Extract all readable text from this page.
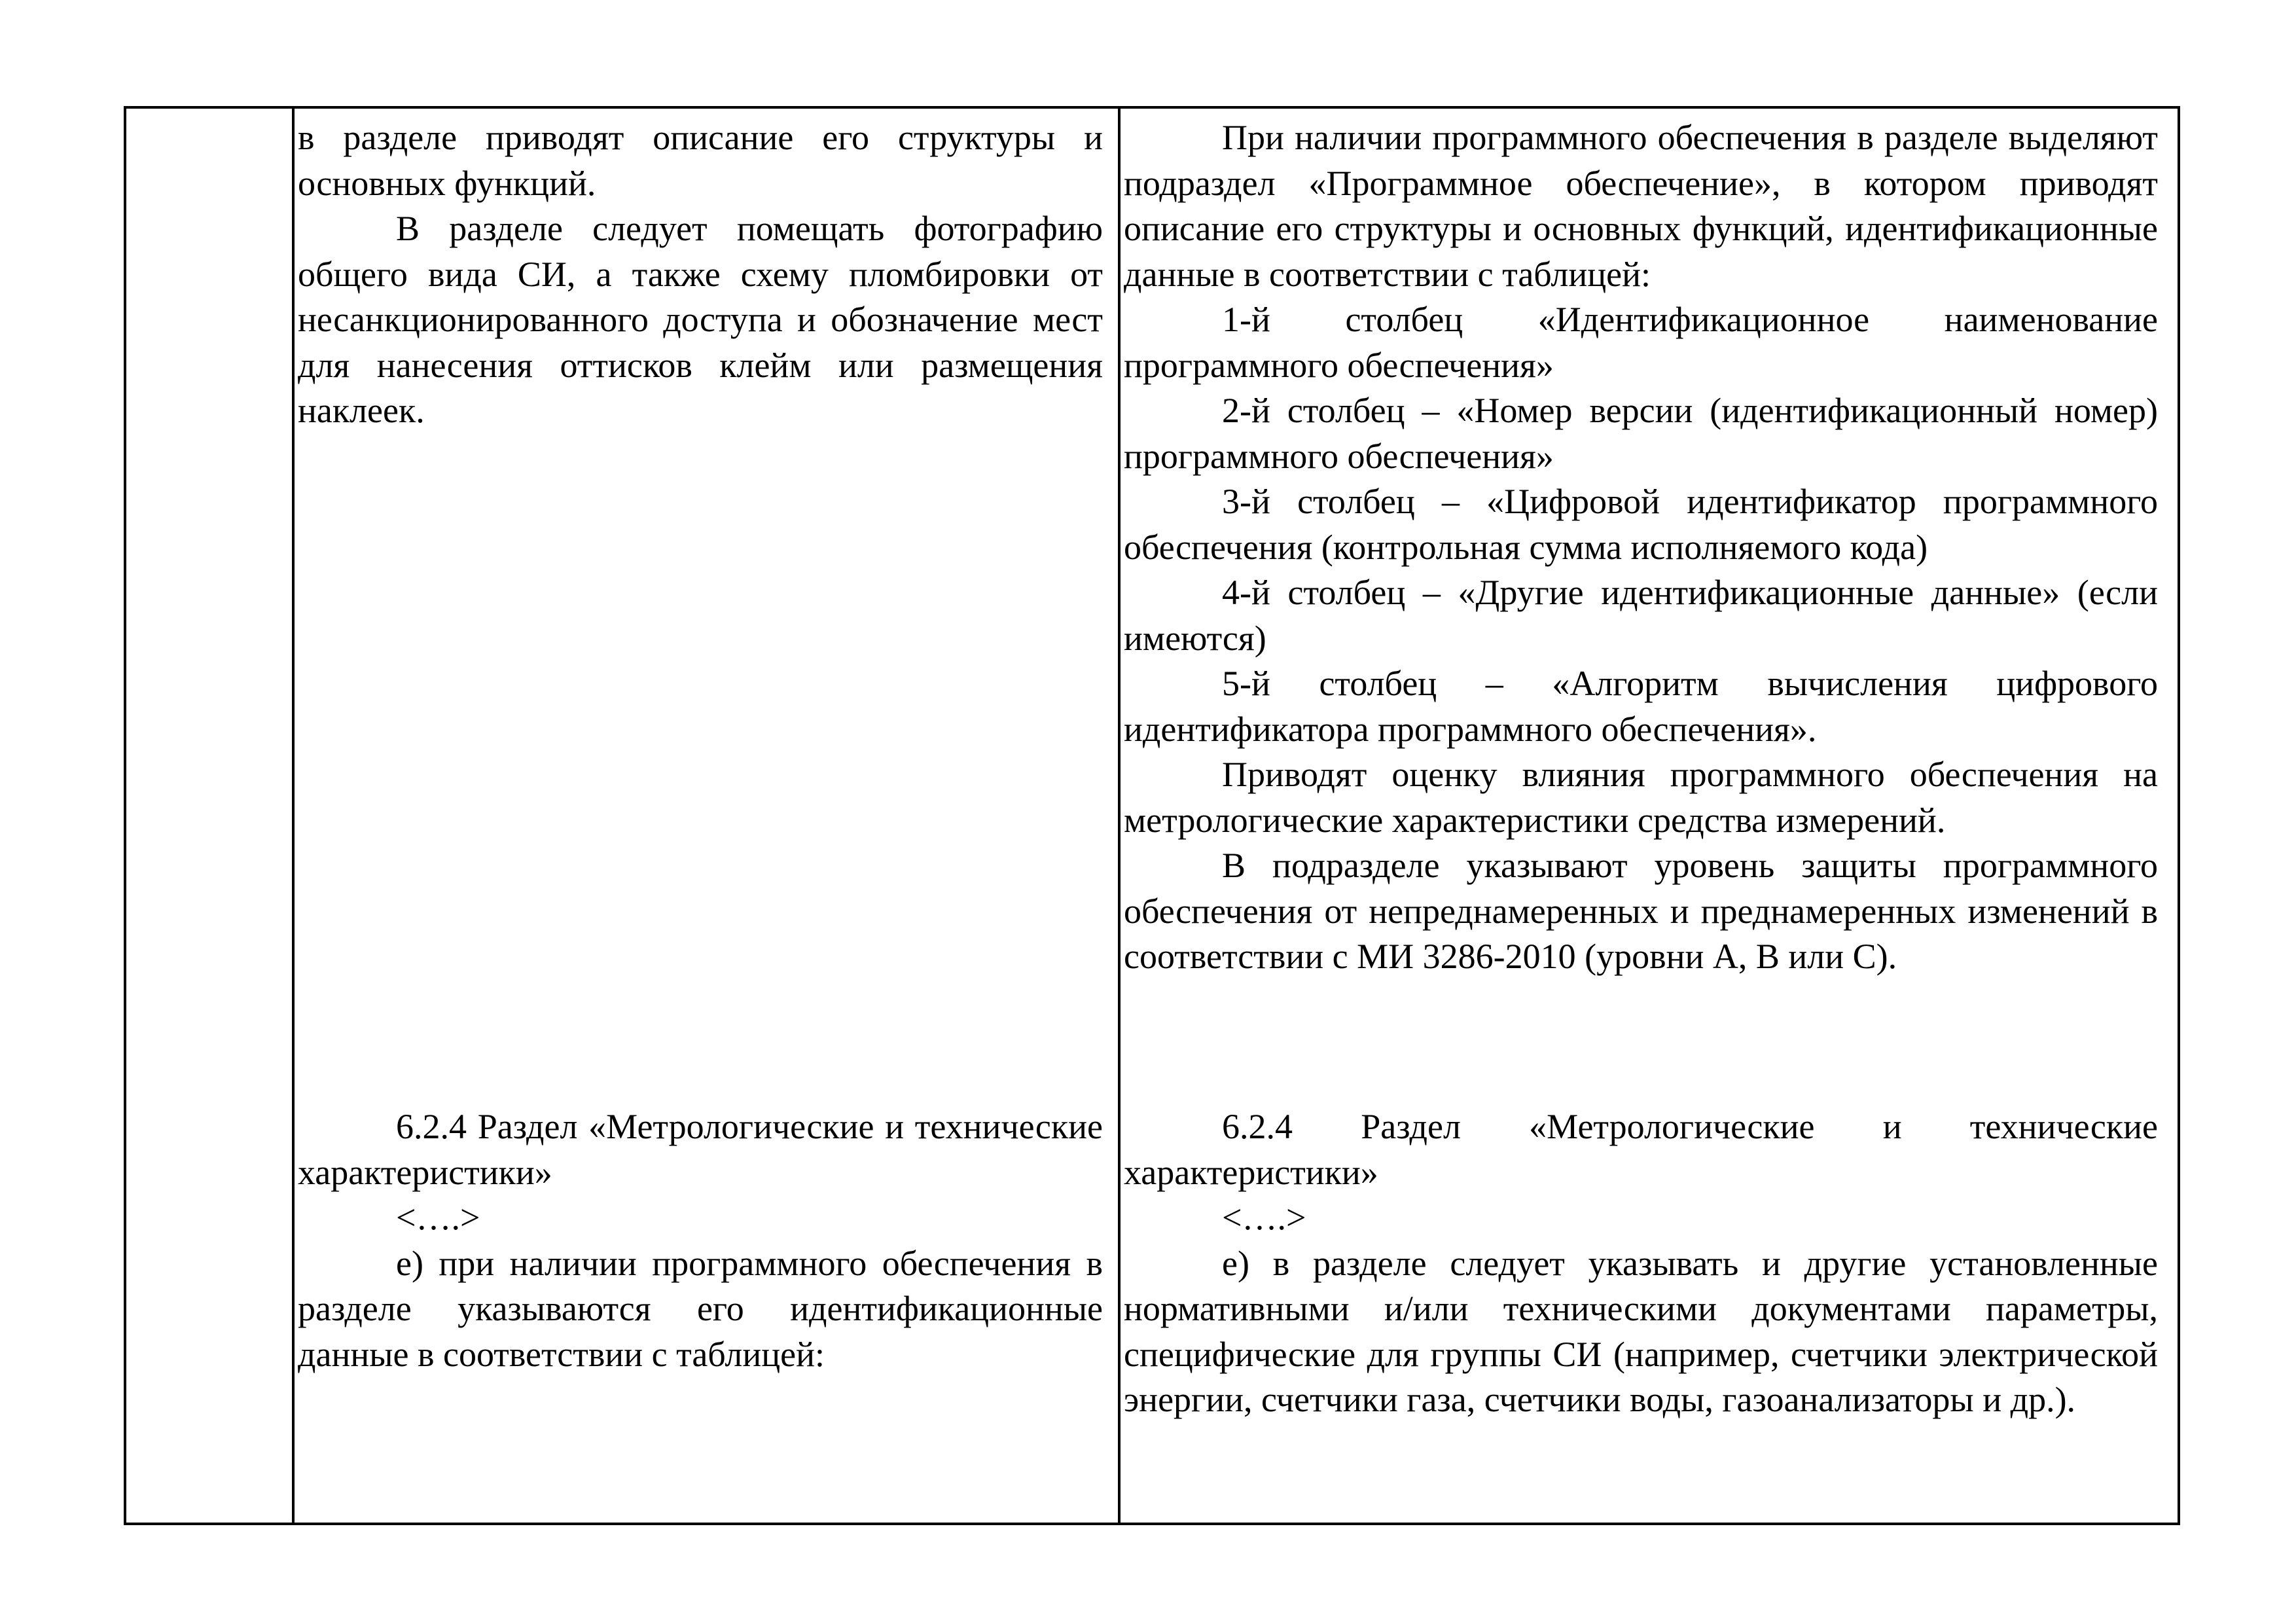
в разделе приводят описание его структуры и основных функций.

В разделе следует помещать фотографию общего вида СИ, а также схему пломбировки от несанкционированного доступа и обозначение мест для нанесения оттисков клейм или размещения наклеек.

При наличии программного обеспечения в разделе выделяют подраздел «Программное обеспечение», в котором приводят описание его структуры и основных функций, идентификационные данные в соответствии с таблицей:

1-й столбец «Идентификационное наименование программного обеспечения»

2-й столбец – «Номер версии (идентификационный номер) программного обеспечения»

3-й столбец – «Цифровой идентификатор программного обеспечения (контрольная сумма исполняемого кода)

4-й столбец – «Другие идентификационные данные» (если имеются)

5-й столбец – «Алгоритм вычисления цифрового идентификатора программного обеспечения».

Приводят оценку влияния программного обеспечения на метрологические характеристики средства измерений.

В подразделе указывают уровень защиты программного обеспечения от непреднамеренных и преднамеренных изменений в соответствии с МИ 3286-2010 (уровни А, В или С).

6.2.4 Раздел «Метрологические и технические характеристики»

<….>

е) при наличии программного обеспечения в разделе указываются его идентификационные данные в соответствии с таблицей:

6.2.4 Раздел «Метрологические и технические характеристики»

<….>

е) в разделе следует указывать и другие установленные нормативными и/или техническими документами параметры, специфические для группы СИ (например, счетчики электрической энергии, счетчики газа, счетчики воды, газоанализаторы и др.).
